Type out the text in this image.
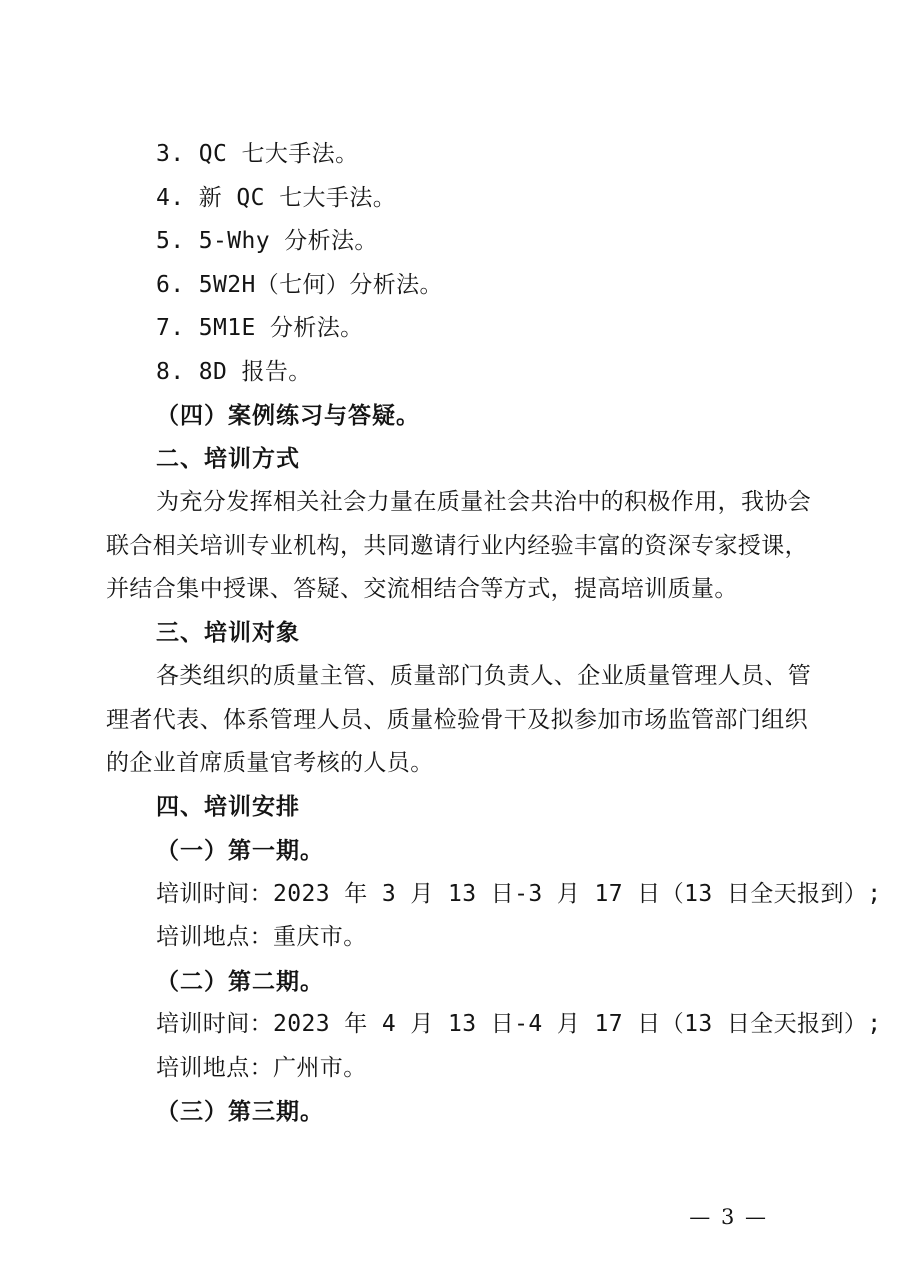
3. QC 七大手法。
4. 新 QC 七大手法。
5. 5-Why 分析法。
6. 5W2H（七何）分析法。
7. 5M1E 分析法。
8. 8D 报告。
（四）案例练习与答疑。
二、培训方式
为充分发挥相关社会力量在质量社会共治中的积极作用，我协会
联合相关培训专业机构，共同邀请行业内经验丰富的资深专家授课，
并结合集中授课、答疑、交流相结合等方式，提高培训质量。
三、培训对象
各类组织的质量主管、质量部门负责人、企业质量管理人员、管
理者代表、体系管理人员、质量检验骨干及拟参加市场监管部门组织
的企业首席质量官考核的人员。
四、培训安排
（一）第一期。
培训时间：2023 年 3 月 13 日-3 月 17 日（13 日全天报到）;
培训地点：重庆市。
（二）第二期。
培训时间：2023 年 4 月 13 日-4 月 17 日（13 日全天报到）;
培训地点：广州市。
（三）第三期。

— 3 —
